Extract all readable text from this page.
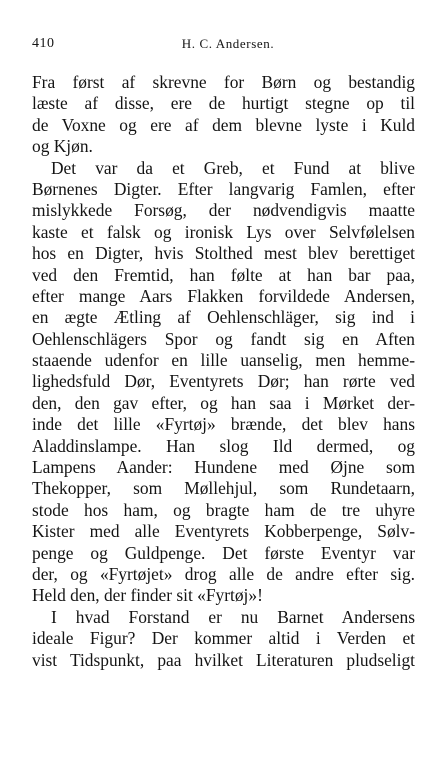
410	H. C. Andersen.
Fra først af skrevne for Børn og bestandig
læste af disse, ere de hurtigt stegne op til
de Voxne og ere af dem blevne lyste i Kuld
og Kjøn.
Det var da et Greb, et Fund at blive
Børnenes Digter. Efter langvarig Famlen, efter
mislykkede Forsøg, der nødvendigvis maatte
kaste et falsk og ironisk Lys over Selvfølelsen
hos en Digter, hvis Stolthed mest blev berettiget
ved den Fremtid, han følte at han bar paa,
efter mange Aars Flakken forvildede Andersen,
en ægte Ætling af Oehlenschläger, sig ind i
Oehlenschlägers Spor og fandt sig en Aften
staaende udenfor en lille uanselig, men hemme-
lighedsfuld Dør, Eventyrets Dør; han rørte ved
den, den gav efter, og han saa i Mørket der-
inde det lille «Fyrtøj» brænde, det blev hans
Aladdinslampe. Han slog Ild dermed, og
Lampens Aander: Hundene med Øjne som
Thekopper, som Møllehjul, som Rundetaarn,
stode hos ham, og bragte ham de tre uhyre
Kister med alle Eventyrets Kobberpenge, Sølv-
penge og Guldpenge. Det første Eventyr var
der, og «Fyrtøjet» drog alle de andre efter sig.
Held den, der finder sit «Fyrtøj»!
I hvad Forstand er nu Barnet Andersens
ideale Figur? Der kommer altid i Verden et
vist Tidspunkt, paa hvilket Literaturen pludseligt
